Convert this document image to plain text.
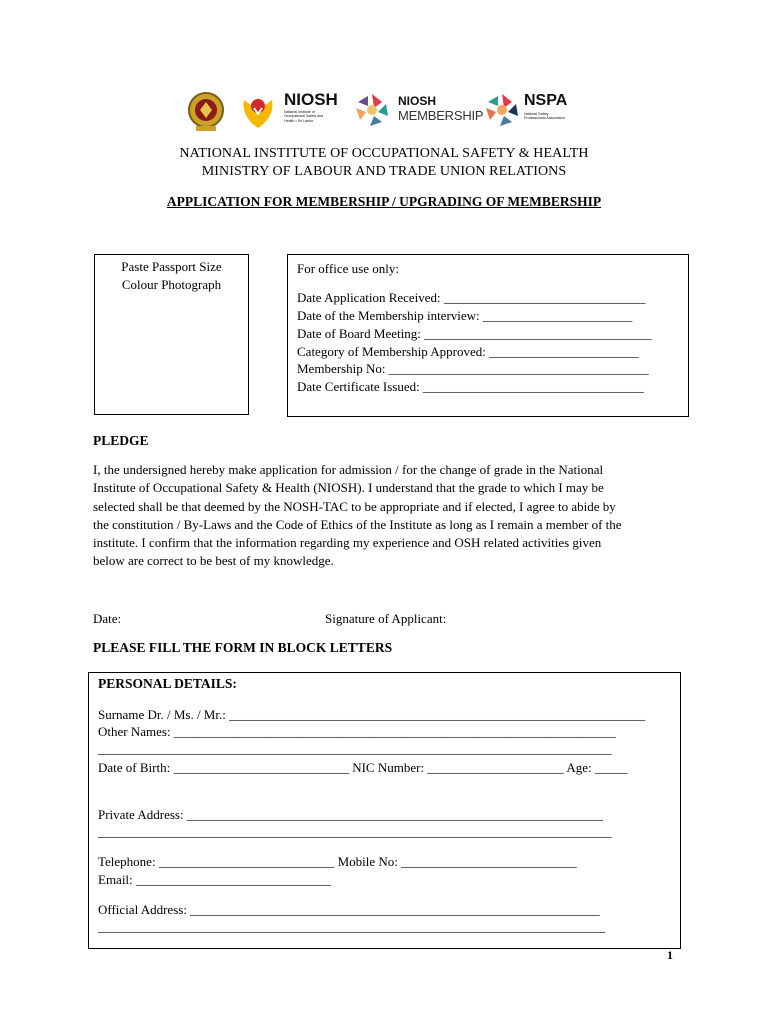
NIOSH
National Institute of
Occupational Safety and
Health • Sri Lanka
NIOSH
MEMBERSHIP
NSPA
National Safety
Professionals Association
NATIONAL INSTITUTE OF OCCUPATIONAL SAFETY & HEALTH
MINISTRY OF LABOUR AND TRADE UNION RELATIONS
APPLICATION FOR MEMBERSHIP / UPGRADING OF MEMBERSHIP
Paste Passport Size
Colour Photograph
For office use only:
Date Application Received: _______________________________
Date of the Membership interview: _______________________
Date of Board Meeting: ___________________________________
Category of Membership Approved: _______________________
Membership No: ________________________________________
Date Certificate Issued: __________________________________
PLEDGE
I, the undersigned hereby make application for admission / for the change of grade in the National
Institute of Occupational Safety & Health (NIOSH). I understand that the grade to which I may be
selected shall be that deemed by the NOSH-TAC to be appropriate and if elected, I agree to abide by
the constitution / By-Laws and the Code of Ethics of the Institute as long as I remain a member of the
institute. I confirm that the information regarding my experience and OSH related activities given
below are correct to be best of my knowledge.
Date:	Signature of Applicant:
PLEASE FILL THE FORM IN BLOCK LETTERS
PERSONAL DETAILS:
Surname Dr. / Ms. / Mr.: ________________________________________________________________
Other Names: ____________________________________________________________________
_______________________________________________________________________________
Date of Birth: ___________________________ NIC Number: _____________________ Age: _____
Private Address: ________________________________________________________________
_______________________________________________________________________________
Telephone: ___________________________ Mobile No: ___________________________
Email: ______________________________
Official Address: _______________________________________________________________
______________________________________________________________________________
1
